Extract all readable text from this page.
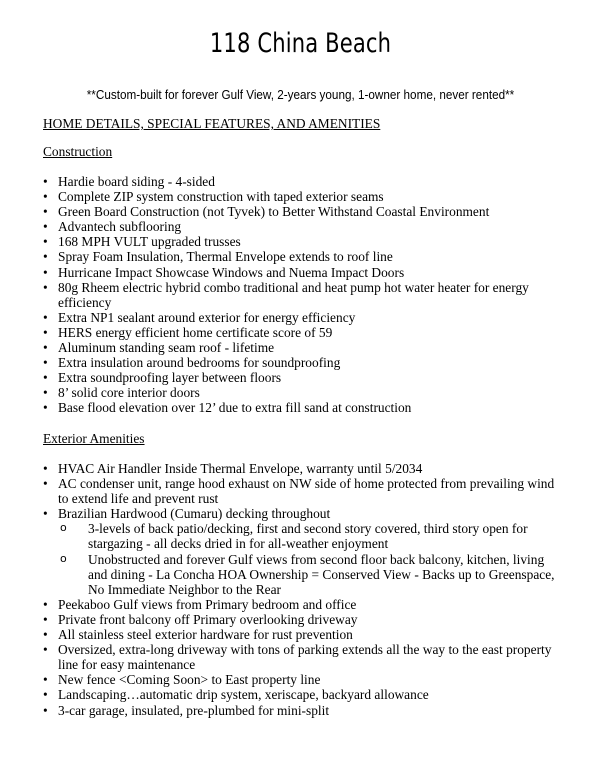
118 China Beach
**Custom-built for forever Gulf View, 2-years young, 1-owner home, never rented**
HOME DETAILS, SPECIAL FEATURES, AND AMENITIES
Construction
• Hardie board siding - 4-sided
• Complete ZIP system construction with taped exterior seams
• Green Board Construction (not Tyvek) to Better Withstand Coastal Environment
• Advantech subflooring
• 168 MPH VULT upgraded trusses
• Spray Foam Insulation, Thermal Envelope extends to roof line
• Hurricane Impact Showcase Windows and Nuema Impact Doors
• 80g Rheem electric hybrid combo traditional and heat pump hot water heater for energy efficiency
• Extra NP1 sealant around exterior for energy efficiency
• HERS energy efficient home certificate score of 59
• Aluminum standing seam roof - lifetime
• Extra insulation around bedrooms for soundproofing
• Extra soundproofing layer between floors
• 8’ solid core interior doors
• Base flood elevation over 12’ due to extra fill sand at construction
Exterior Amenities
• HVAC Air Handler Inside Thermal Envelope, warranty until 5/2034
• AC condenser unit, range hood exhaust on NW side of home protected from prevailing wind to extend life and prevent rust
• Brazilian Hardwood (Cumaru) decking throughout
o 3-levels of back patio/decking, first and second story covered, third story open for stargazing - all decks dried in for all-weather enjoyment
o Unobstructed and forever Gulf views from second floor back balcony, kitchen, living and dining - La Concha HOA Ownership = Conserved View - Backs up to Greenspace, No Immediate Neighbor to the Rear
• Peekaboo Gulf views from Primary bedroom and office
• Private front balcony off Primary overlooking driveway
• All stainless steel exterior hardware for rust prevention
• Oversized, extra-long driveway with tons of parking extends all the way to the east property line for easy maintenance
• New fence <Coming Soon> to East property line
• Landscaping…automatic drip system, xeriscape, backyard allowance
• 3-car garage, insulated, pre-plumbed for mini-split
